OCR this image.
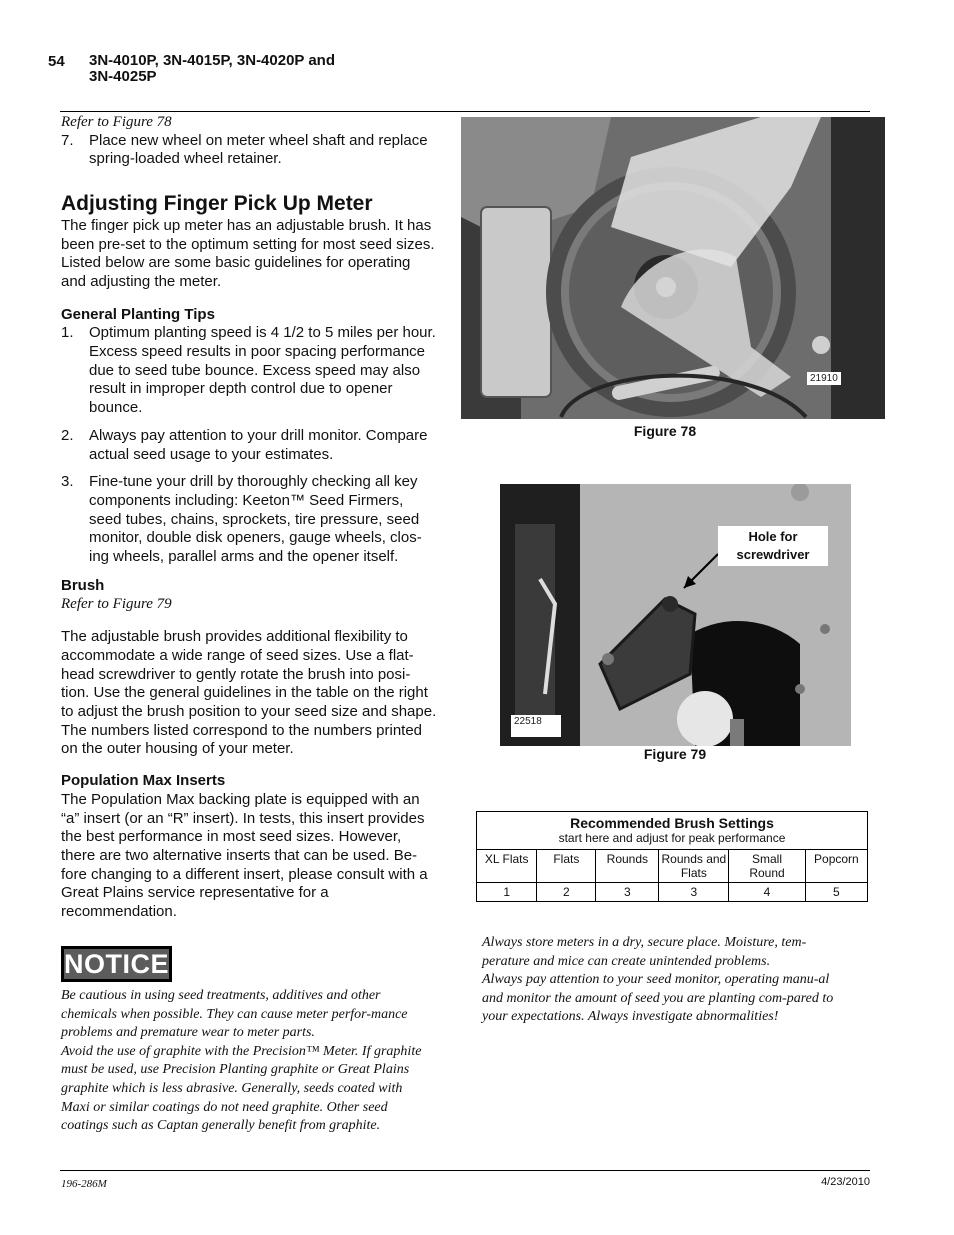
54 3N-4010P, 3N-4015P, 3N-4020P and
3N-4025P
Refer to Figure 78
7.	Place new wheel on meter wheel shaft and replace spring-loaded wheel retainer.
Adjusting Finger Pick Up Meter
The finger pick up meter has an adjustable brush. It has been pre-set to the optimum setting for most seed sizes. Listed below are some basic guidelines for operating and adjusting the meter.
General Planting Tips
1.	Optimum planting speed is 4 1/2 to 5 miles per hour. Excess speed results in poor spacing performance due to seed tube bounce. Excess speed may also result in improper depth control due to opener bounce.
2.	Always pay attention to your drill monitor. Compare actual seed usage to your estimates.
3.	Fine-tune your drill by thoroughly checking all key components including: Keeton™ Seed Firmers, seed tubes, chains, sprockets, tire pressure, seed monitor, double disk openers, gauge wheels, clos-ing wheels, parallel arms and the opener itself.
Brush
Refer to Figure 79
The adjustable brush provides additional flexibility to accommodate a wide range of seed sizes. Use a flat-head screwdriver to gently rotate the brush into posi-tion. Use the general guidelines in the table on the right to adjust the brush position to your seed size and shape. The numbers listed correspond to the numbers printed on the outer housing of your meter.
Population Max Inserts
The Population Max backing plate is equipped with an “a” insert (or an “R” insert). In tests, this insert provides the best performance in most seed sizes. However, there are two alternative inserts that can be used. Be-fore changing to a different insert, please consult with a Great Plains service representative for a recommendation.
NOTICE
Be cautious in using seed treatments, additives and other chemicals when possible. They can cause meter perfor-mance problems and premature wear to meter parts.
Avoid the use of graphite with the Precision™ Meter. If graphite must be used, use Precision Planting graphite or Great Plains graphite which is less abrasive. Generally, seeds coated with Maxi or similar coatings do not need graphite. Other seed coatings such as Captan generally benefit from graphite.
21910
Figure 78
Hole for screwdriver
22518
Figure 79
Recommended Brush Settings
start here and adjust for peak performance					

XL Flats	Flats	Rounds	Rounds and Flats	Small Round	Popcorn
1	2	3	3	4	5
Always store meters in a dry, secure place. Moisture, tem-perature and mice can create unintended problems.
Always pay attention to your seed monitor, operating manu-al and monitor the amount of seed you are planting com-pared to your expectations. Always investigate abnormalities!
196-286M	4/23/2010
